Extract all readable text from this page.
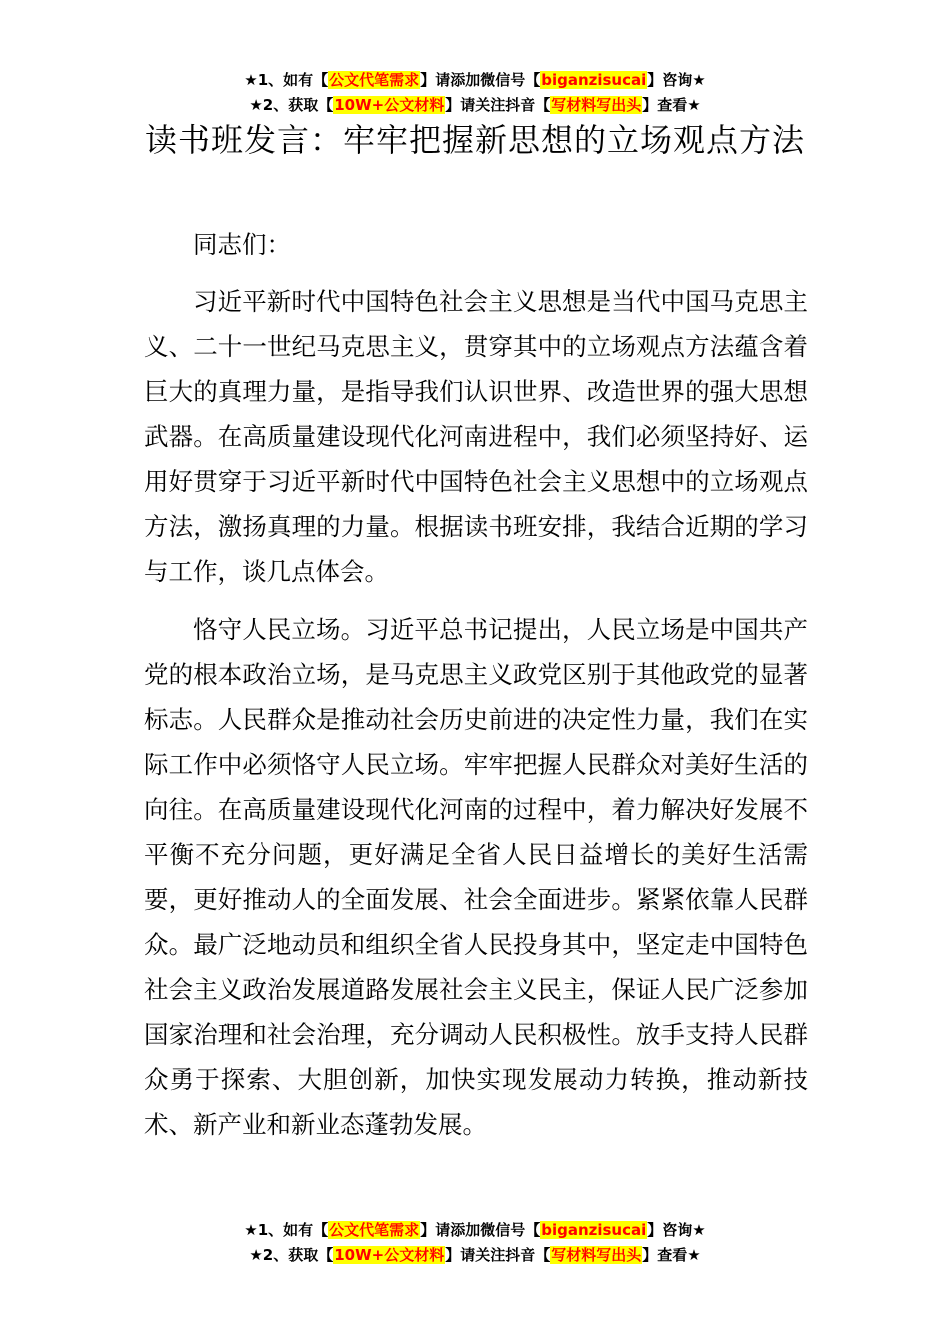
★1、如有【公文代笔需求】请添加微信号【biganzisucai】咨询★
★2、获取【10W+公文材料】请关注抖音【写材料写出头】查看★
读书班发言：牢牢把握新思想的立场观点方法

同志们：

习近平新时代中国特色社会主义思想是当代中国马克思主义、二十一世纪马克思主义，贯穿其中的立场观点方法蕴含着巨大的真理力量，是指导我们认识世界、改造世界的强大思想武器。在高质量建设现代化河南进程中，我们必须坚持好、运用好贯穿于习近平新时代中国特色社会主义思想中的立场观点方法，激扬真理的力量。根据读书班安排，我结合近期的学习与工作，谈几点体会。

恪守人民立场。习近平总书记提出，人民立场是中国共产党的根本政治立场，是马克思主义政党区别于其他政党的显著标志。人民群众是推动社会历史前进的决定性力量，我们在实际工作中必须恪守人民立场。牢牢把握人民群众对美好生活的向往。在高质量建设现代化河南的过程中，着力解决好发展不平衡不充分问题，更好满足全省人民日益增长的美好生活需要，更好推动人的全面发展、社会全面进步。紧紧依靠人民群众。最广泛地动员和组织全省人民投身其中，坚定走中国特色社会主义政治发展道路发展社会主义民主，保证人民广泛参加国家治理和社会治理，充分调动人民积极性。放手支持人民群众勇于探索、大胆创新，加快实现发展动力转换，推动新技术、新产业和新业态蓬勃发展。

★1、如有【公文代笔需求】请添加微信号【biganzisucai】咨询★
★2、获取【10W+公文材料】请关注抖音【写材料写出头】查看★
